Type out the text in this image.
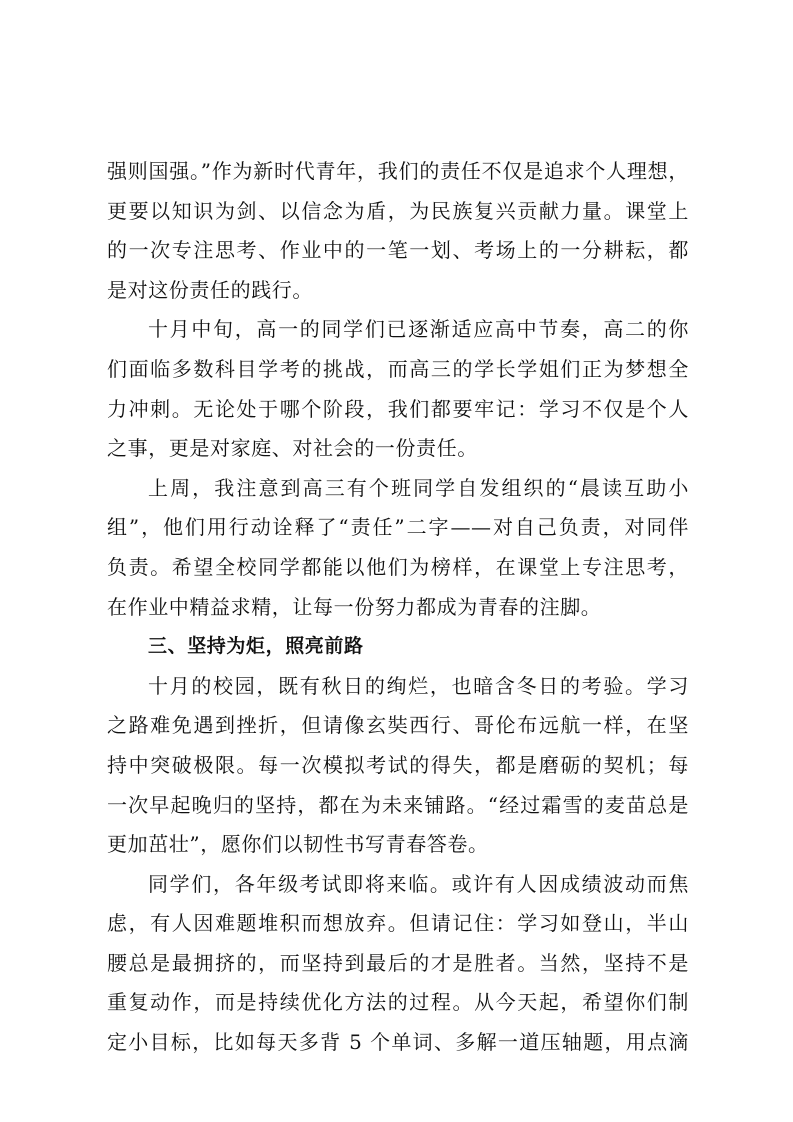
强则国强。”作为新时代青年，我们的责任不仅是追求个人理想，
更要以知识为剑、以信念为盾，为民族复兴贡献力量。课堂上
的一次专注思考、作业中的一笔一划、考场上的一分耕耘，都
是对这份责任的践行。
十月中旬，高一的同学们已逐渐适应高中节奏，高二的你
们面临多数科目学考的挑战，而高三的学长学姐们正为梦想全
力冲刺。无论处于哪个阶段，我们都要牢记：学习不仅是个人
之事，更是对家庭、对社会的一份责任。
上周，我注意到高三有个班同学自发组织的“晨读互助小
组”，他们用行动诠释了“责任”二字——对自己负责，对同伴
负责。希望全校同学都能以他们为榜样，在课堂上专注思考，
在作业中精益求精，让每一份努力都成为青春的注脚。
三、坚持为炬，照亮前路
十月的校园，既有秋日的绚烂，也暗含冬日的考验。学习
之路难免遇到挫折，但请像玄奘西行、哥伦布远航一样，在坚
持中突破极限。每一次模拟考试的得失，都是磨砺的契机；每
一次早起晚归的坚持，都在为未来铺路。“经过霜雪的麦苗总是
更加茁壮”，愿你们以韧性书写青春答卷。
同学们，各年级考试即将来临。或许有人因成绩波动而焦
虑，有人因难题堆积而想放弃。但请记住：学习如登山，半山
腰总是最拥挤的，而坚持到最后的才是胜者。当然，坚持不是
重复动作，而是持续优化方法的过程。从今天起，希望你们制
定小目标，比如每天多背 5 个单词、多解一道压轴题，用点滴
